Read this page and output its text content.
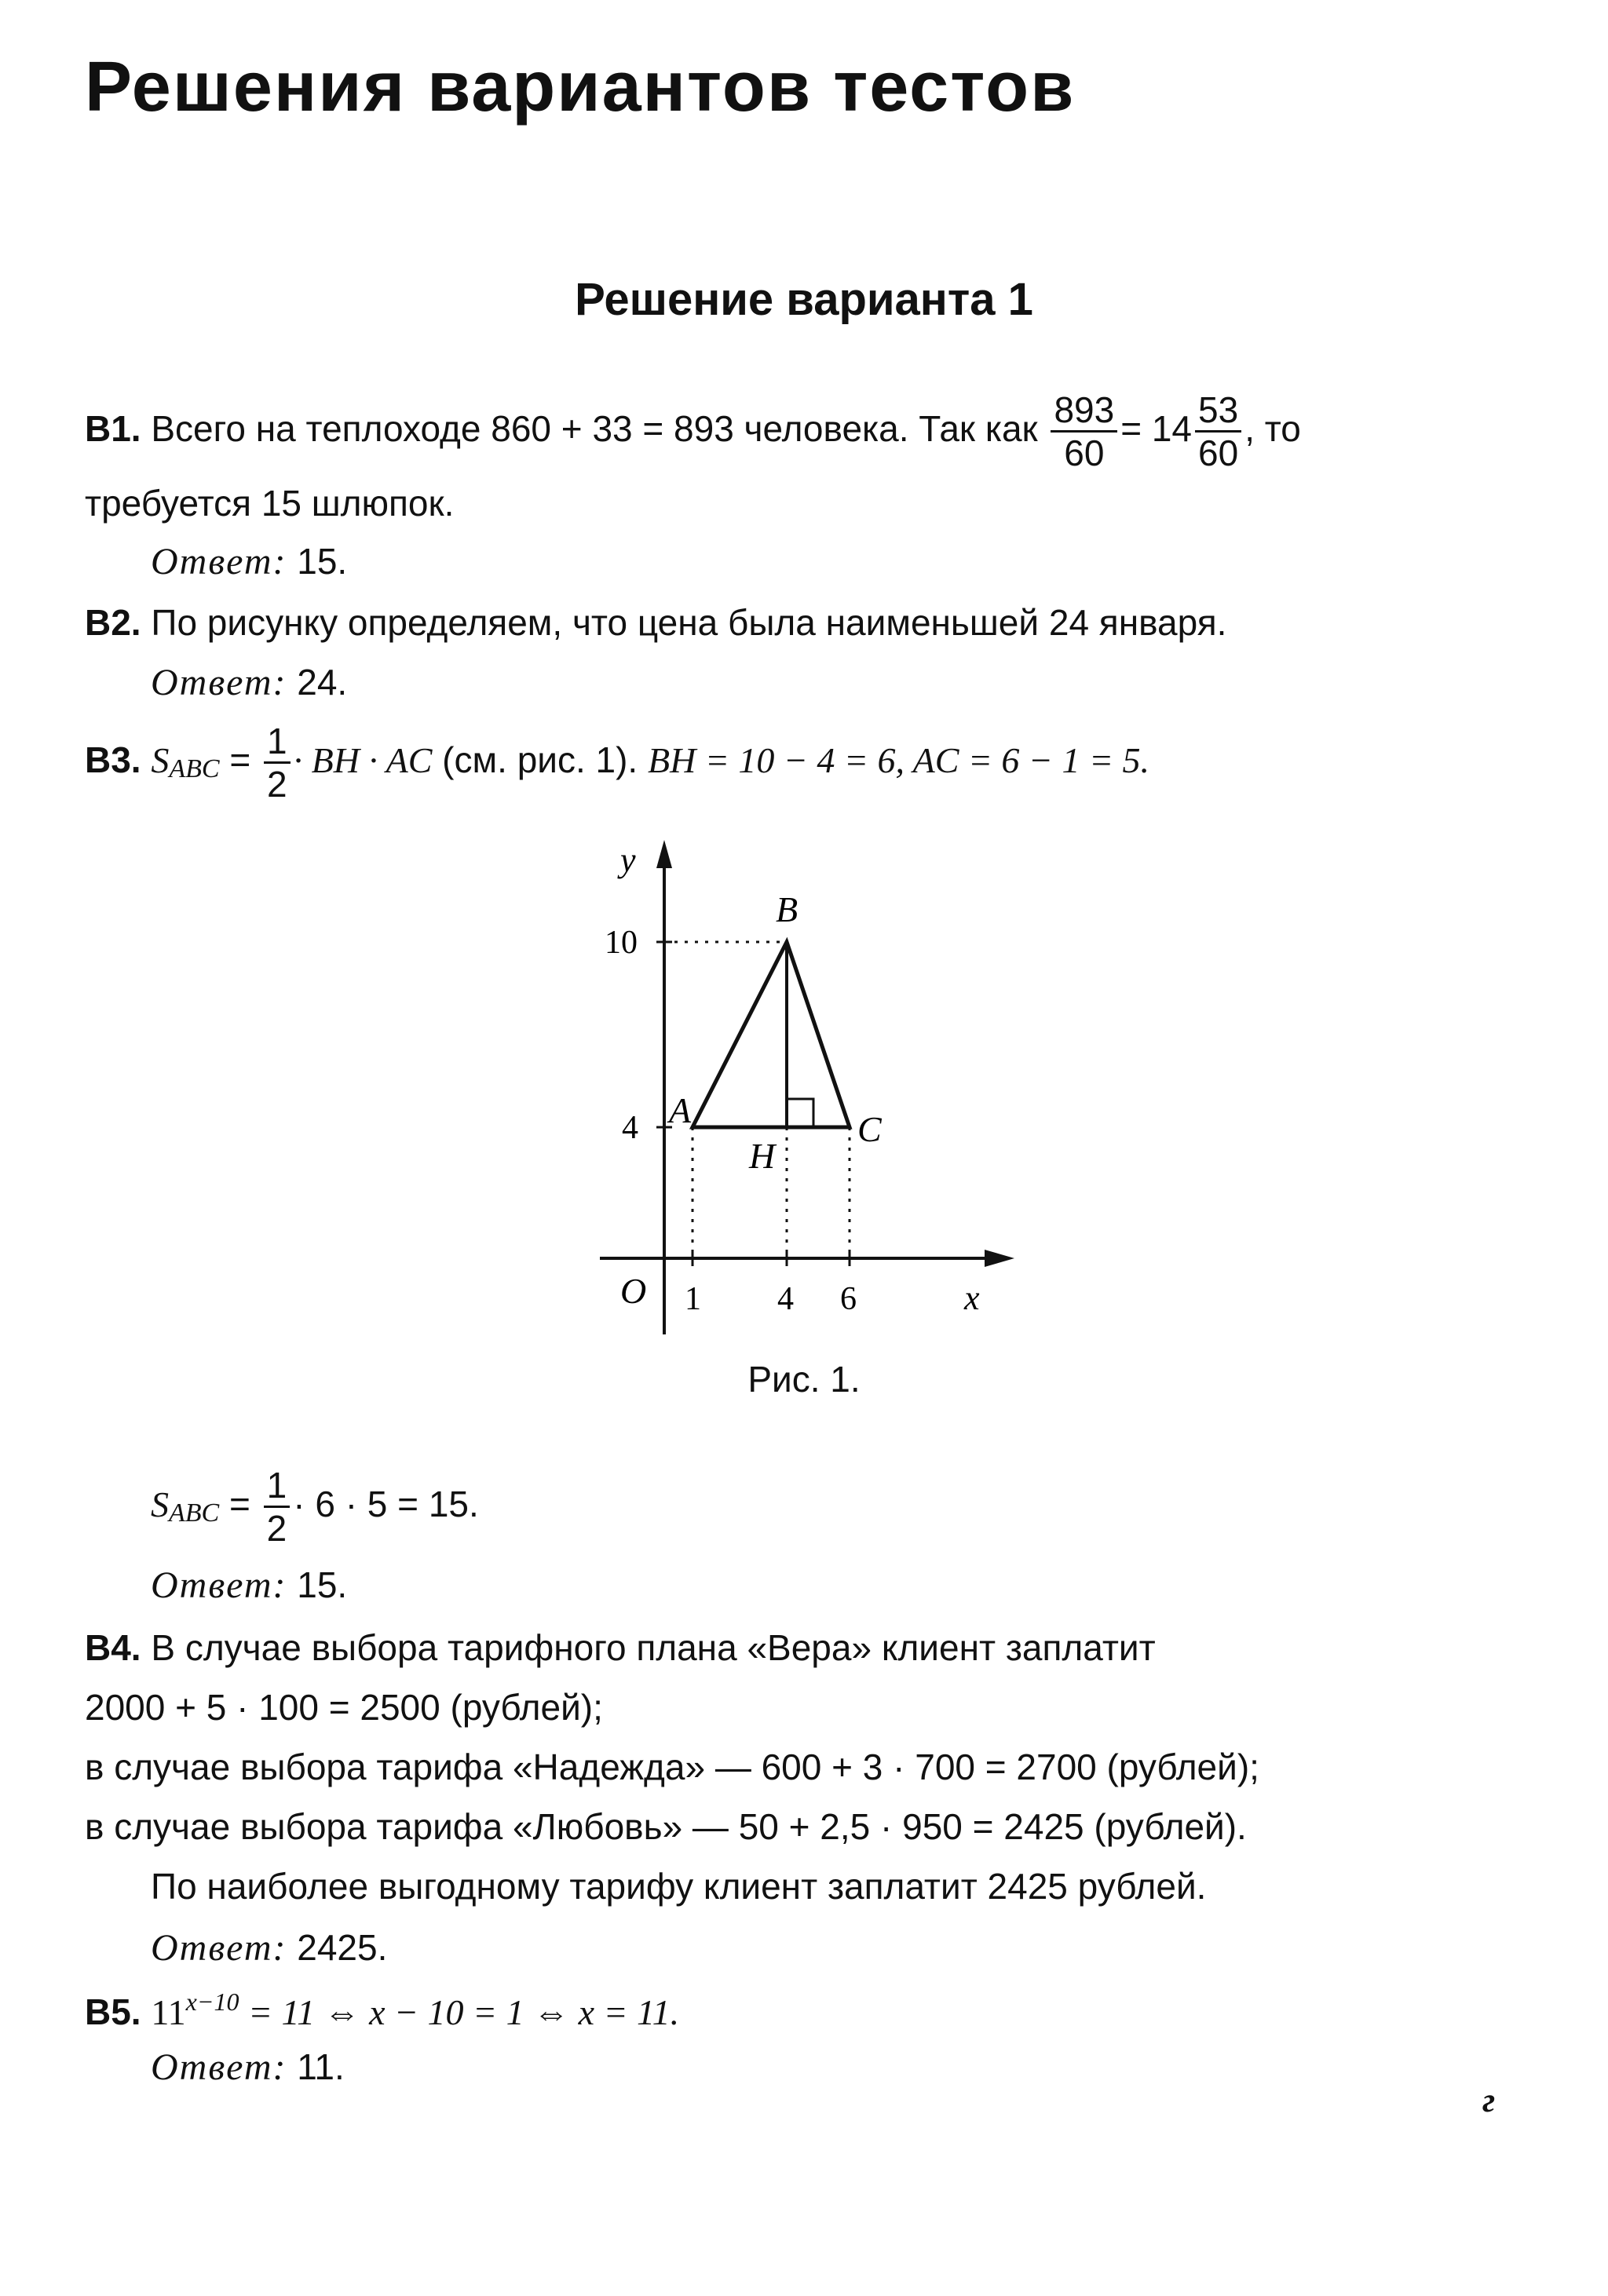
Решения вариантов тестов
Решение варианта 1
B1. Всего на теплоходе 860 + 33 = 893 человека. Так как $\frac{893}{60} = 14 \frac{53}{60}$ , то
требуется 15 шлюпок.
Ответ: 15.
B2. По рисунку определяем, что цена была наименьшей 24 января.
Ответ: 24.
B3. $S_{ABC} = \frac{1}{2}$ · BH · AC (см. рис. 1). BH = 10 − 4 = 6, AC = 6 − 1 = 5.
y
10
4
B
A	C
H
O 1 4 6	x
Рис. 1.
$S_{ABC} = \frac{1}{2} \cdot 6 \cdot 5 = 15$.
Ответ: 15.
B4. В случае выбора тарифного плана «Вера» клиент заплатит
2000 + 5 · 100 = 2500 (рублей);
в случае выбора тарифа «Надежда» — 600 + 3 · 700 = 2700 (рублей);
в случае выбора тарифа «Любовь» — 50 + 2,5 · 950 = 2425 (рублей).
По наиболее выгодному тарифу клиент заплатит 2425 рублей.
Ответ: 2425.
B5. $11^{x-10} = 11$ ⇔ x − 10 = 1 ⇔ x = 11.
Ответ: 11.
г
